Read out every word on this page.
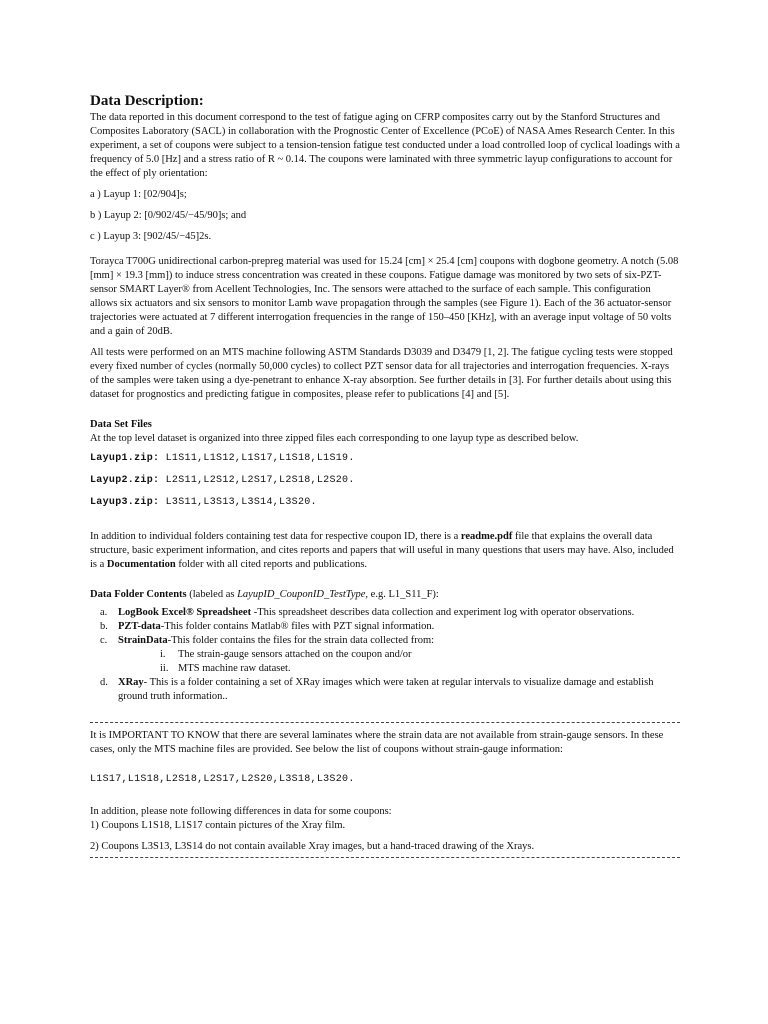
Data Description:

The data reported in this document correspond to the test of fatigue aging on CFRP composites carry out by the Stanford Structures and Composites Laboratory (SACL) in collaboration with the Prognostic Center of Excellence (PCoE) of NASA Ames Research Center. In this experiment, a set of coupons were subject to a tension-tension fatigue test conducted under a load controlled loop of cyclical loadings with a frequency of 5.0 [Hz] and a stress ratio of R ~ 0.14. The coupons were laminated with three symmetric layup configurations to account for the effect of ply orientation:

a ) Layup 1: [02/904]s;

b ) Layup 2: [0/902/45/−45/90]s; and

c ) Layup 3: [902/45/−45]2s.

Torayca T700G unidirectional carbon-prepreg material was used for 15.24 [cm] × 25.4 [cm] coupons with dogbone geometry. A notch (5.08 [mm] × 19.3 [mm]) to induce stress concentration was created in these coupons. Fatigue damage was monitored by two sets of six-PZT-sensor SMART Layer® from Acellent Technologies, Inc. The sensors were attached to the surface of each sample. This configuration allows six actuators and six sensors to monitor Lamb wave propagation through the samples (see Figure 1). Each of the 36 actuator-sensor trajectories were actuated at 7 different interrogation frequencies in the range of 150–450 [KHz], with an average input voltage of 50 volts and a gain of 20dB.

All tests were performed on an MTS machine following ASTM Standards D3039 and D3479 [1, 2]. The fatigue cycling tests were stopped every fixed number of cycles (normally 50,000 cycles) to collect PZT sensor data for all trajectories and interrogation frequencies. X-rays of the samples were taken using a dye-penetrant to enhance X-ray absorption. See further details in [3]. For further details about using this dataset for prognostics and predicting fatigue in composites, please refer to publications [4] and [5].

Data Set Files

At the top level dataset is organized into three zipped files each corresponding to one layup type as described below.

Layup1.zip: L1S11,L1S12,L1S17,L1S18,L1S19.
Layup2.zip: L2S11,L2S12,L2S17,L2S18,L2S20.
Layup3.zip: L3S11,L3S13,L3S14,L3S20.

In addition to individual folders containing test data for respective coupon ID, there is a readme.pdf file that explains the overall data structure, basic experiment information, and cites reports and papers that will useful in many questions that users may have. Also, included is a Documentation folder with all cited reports and publications.

Data Folder Contents (labeled as LayupID_CouponID_TestType, e.g. L1_S11_F):
a. LogBook Excel® Spreadsheet -This spreadsheet describes data collection and experiment log with operator observations.
b. PZT-data-This folder contains Matlab® files with PZT signal information.
c. StrainData-This folder contains the files for the strain data collected from:
i. The strain-gauge sensors attached on the coupon and/or
ii. MTS machine raw dataset.
d. XRay- This is a folder containing a set of XRay images which were taken at regular intervals to visualize damage and establish ground truth information..

It is IMPORTANT TO KNOW that there are several laminates where the strain data are not available from strain-gauge sensors. In these cases, only the MTS machine files are provided. See below the list of coupons without strain-gauge information:

L1S17,L1S18,L2S18,L2S17,L2S20,L3S18,L3S20.

In addition, please note following differences in data for some coupons:

1) Coupons L1S18, L1S17 contain pictures of the Xray film.

2) Coupons L3S13, L3S14 do not contain available Xray images, but a hand-traced drawing of the Xrays.
